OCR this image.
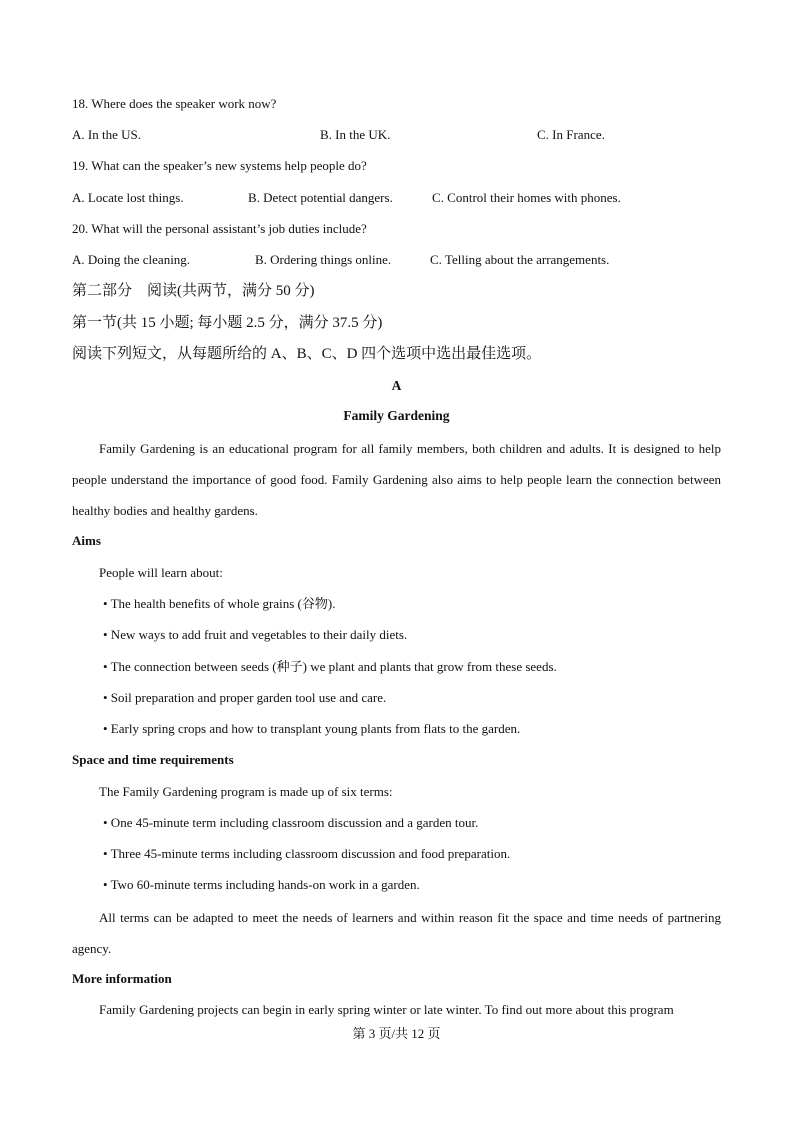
18. Where does the speaker work now?
A. In the US.	B. In the UK.	C. In France.
19. What can the speaker’s new systems help people do?
A. Locate lost things.	B. Detect potential dangers.	C. Control their homes with phones.
20. What will the personal assistant’s job duties include?
A. Doing the cleaning.	B. Ordering things online.	C. Telling about the arrangements.
第二部分　阅读(共两节，满分 50 分)
第一节(共 15 小题; 每小题 2.5 分，满分 37.5 分)
阅读下列短文，从每题所给的 A、B、C、D 四个选项中选出最佳选项。
A
Family Gardening
Family Gardening is an educational program for all family members, both children and adults. It is designed to help people understand the importance of good food. Family Gardening also aims to help people learn the connection between healthy bodies and healthy gardens.
Aims
People will learn about:
• The health benefits of whole grains (谷物).
• New ways to add fruit and vegetables to their daily diets.
• The connection between seeds (种子) we plant and plants that grow from these seeds.
• Soil preparation and proper garden tool use and care.
• Early spring crops and how to transplant young plants from flats to the garden.
Space and time requirements
The Family Gardening program is made up of six terms:
• One 45-minute term including classroom discussion and a garden tour.
• Three 45-minute terms including classroom discussion and food preparation.
• Two 60-minute terms including hands-on work in a garden.
All terms can be adapted to meet the needs of learners and within reason fit the space and time needs of partnering agency.
More information
Family Gardening projects can begin in early spring winter or late winter. To find out more about this program
第 3 页/共 12 页
